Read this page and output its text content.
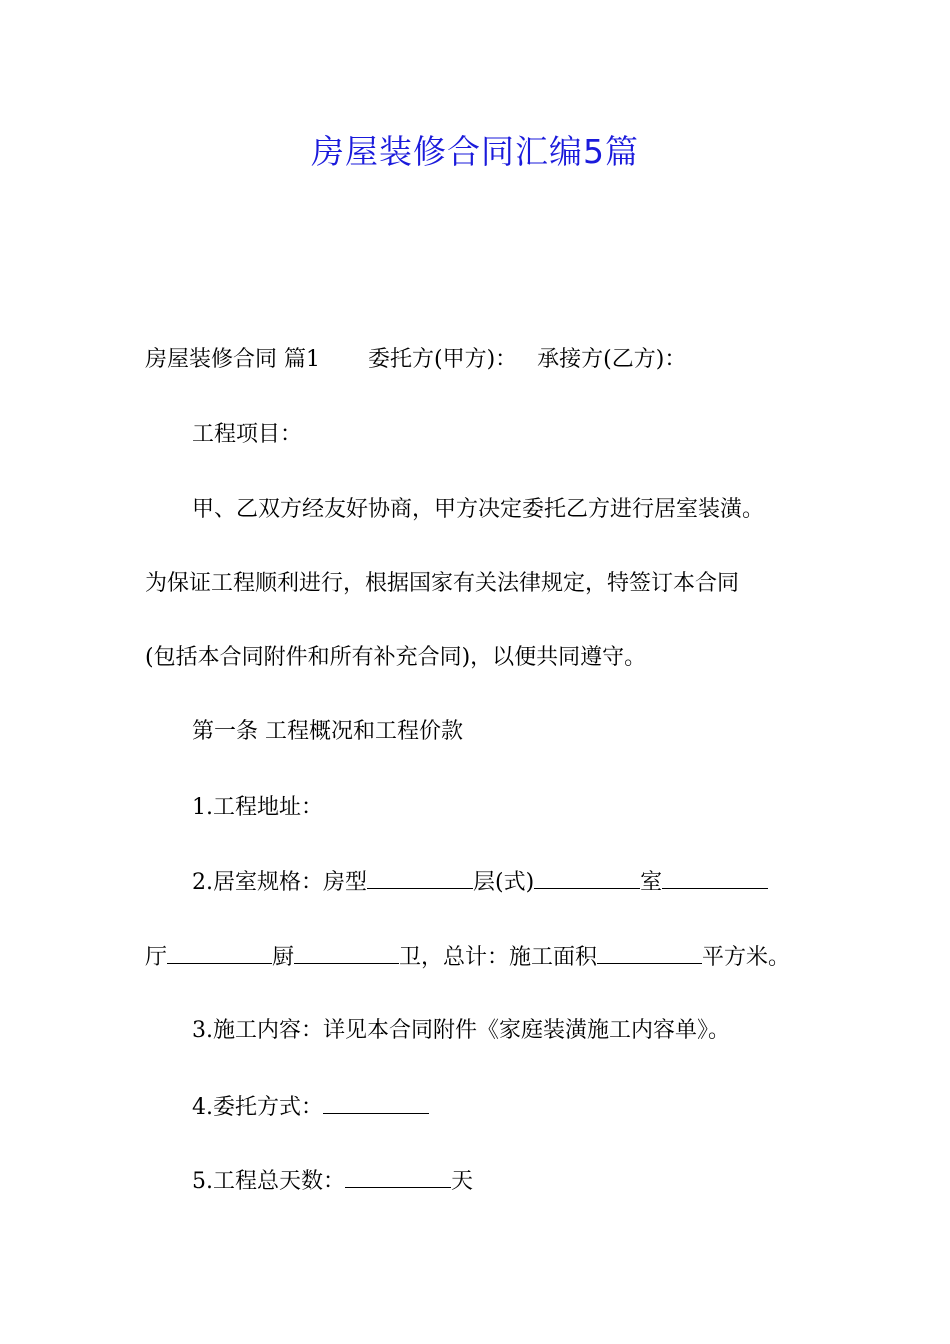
房屋装修合同汇编5篇
房屋装修合同 篇1 委托方(甲方)： 承接方(乙方)：
工程项目：
甲、乙双方经友好协商，甲方决定委托乙方进行居室装潢。
为保证工程顺利进行，根据国家有关法律规定，特签订本合同
(包括本合同附件和所有补充合同)，以便共同遵守。
第一条 工程概况和工程价款
1.工程地址：
2.居室规格：房型	层(式)	室
厅	厨	卫，总计：施工面积	平方米。
3.施工内容：详见本合同附件《家庭装潢施工内容单》。
4.委托方式：
5.工程总天数：	天
